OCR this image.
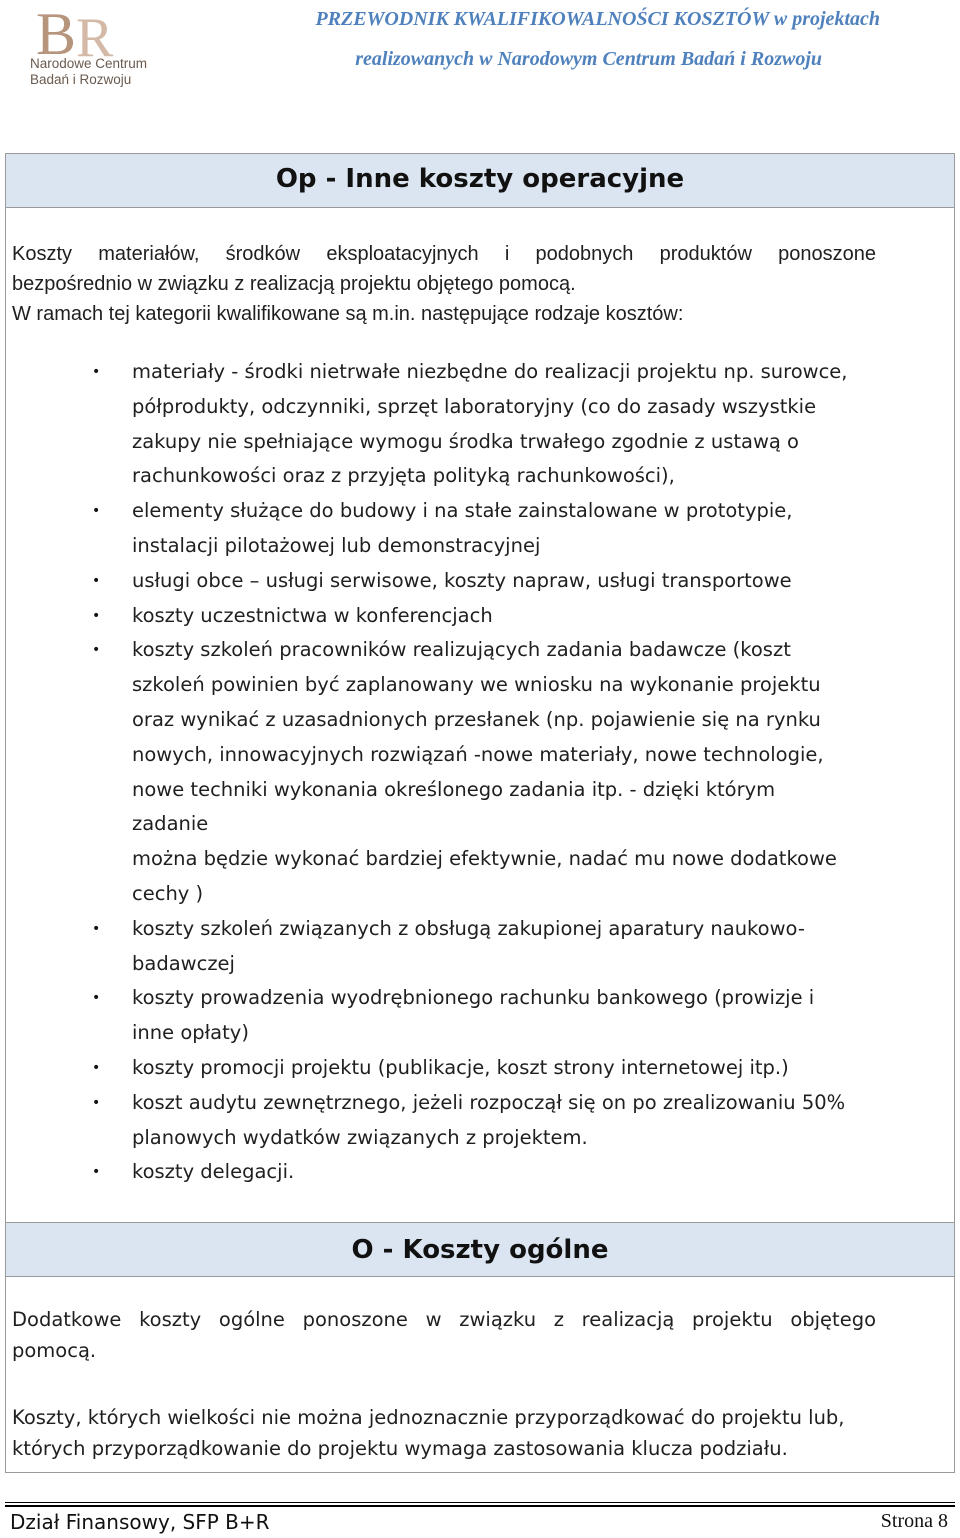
B R
Narodowe Centrum
Badań i Rozwoju
PRZEWODNIK KWALIFIKOWALNOŚCI KOSZTÓW w projektach
realizowanych w Narodowym Centrum Badań i Rozwoju
Op - Inne koszty operacyjne
Koszty materiałów, środków eksploatacyjnych i podobnych produktów ponoszone
bezpośrednio w związku z realizacją projektu objętego pomocą.
W ramach tej kategorii kwalifikowane są m.in. następujące rodzaje kosztów:
• materiały - środki nietrwałe niezbędne do realizacji projektu np. surowce,
półprodukty, odczynniki, sprzęt laboratoryjny (co do zasady wszystkie
zakupy nie spełniające wymogu środka trwałego zgodnie z ustawą o
rachunkowości oraz z przyjęta polityką rachunkowości),
• elementy służące do budowy i na stałe zainstalowane w prototypie,
instalacji pilotażowej lub demonstracyjnej
• usługi obce – usługi serwisowe, koszty napraw, usługi transportowe
• koszty uczestnictwa w konferencjach
• koszty szkoleń pracowników realizujących zadania badawcze (koszt
szkoleń powinien być zaplanowany we wniosku na wykonanie projektu
oraz wynikać z uzasadnionych przesłanek (np. pojawienie się na rynku
nowych, innowacyjnych rozwiązań -nowe materiały, nowe technologie,
nowe techniki wykonania określonego zadania itp. - dzięki którym zadanie
można będzie wykonać bardziej efektywnie, nadać mu nowe dodatkowe
cechy )
• koszty szkoleń związanych z obsługą zakupionej aparatury naukowo-
badawczej
• koszty prowadzenia wyodrębnionego rachunku bankowego (prowizje i
inne opłaty)
• koszty promocji projektu (publikacje, koszt strony internetowej itp.)
• koszt audytu zewnętrznego, jeżeli rozpoczął się on po zrealizowaniu 50%
planowych wydatków związanych z projektem.
• koszty delegacji.
O - Koszty ogólne
Dodatkowe koszty ogólne ponoszone w związku z realizacją projektu objętego
pomocą.
Koszty, których wielkości nie można jednoznacznie przyporządkować do projektu lub,
których przyporządkowanie do projektu wymaga zastosowania klucza podziału.
Dział Finansowy, SFP B+R	Strona 8
